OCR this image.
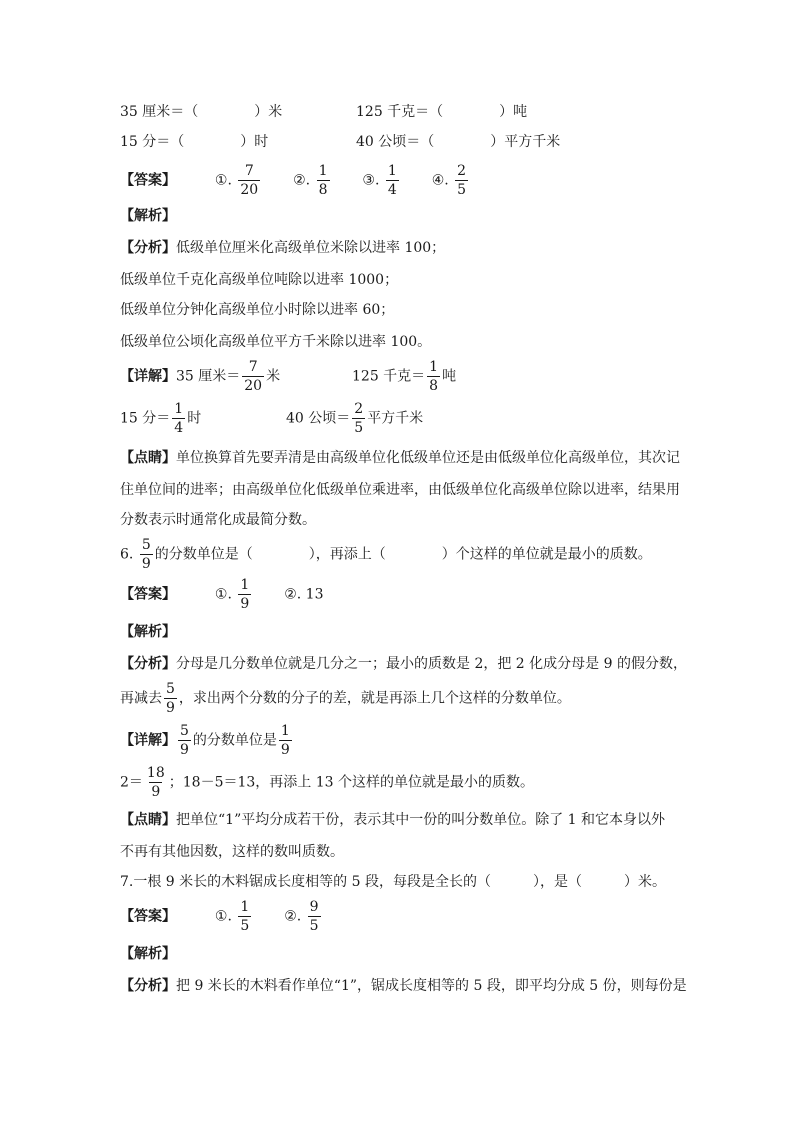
35 厘米＝（　　　　）米	125 千克＝（　　　　）吨
15 分＝（　　　　）时	40 公顷＝（　　　　）平方千米
【答案】	①. $\frac{7}{20}$ ②. $\frac{1}{8}$ ③. $\frac{1}{4}$ ④. $\frac{2}{5}$
【解析】
【分析】低级单位厘米化高级单位米除以进率 100；
低级单位千克化高级单位吨除以进率 1000；
低级单位分钟化高级单位小时除以进率 60；
低级单位公顷化高级单位平方千米除以进率 100。
【详解】35 厘米＝ $\frac{7}{20}$ 米	125 千克＝ $\frac{1}{8}$ 吨
15 分＝ $\frac{1}{4}$ 时	40 公顷＝ $\frac{2}{5}$ 平方千米
【点睛】单位换算首先要弄清是由高级单位化低级单位还是由低级单位化高级单位，其次记
住单位间的进率；由高级单位化低级单位乘进率，由低级单位化高级单位除以进率，结果用
分数表示时通常化成最简分数。
6. $\frac{5}{9}$ 的分数单位是（　　　　），再添上（　　　　）个这样的单位就是最小的质数。
【答案】	①. $\frac{1}{9}$ ②. 13
【解析】
【分析】分母是几分数单位就是几分之一；最小的质数是 2，把 2 化成分母是 9 的假分数，
再减去 $\frac{5}{9}$ ，求出两个分数的分子的差，就是再添上几个这样的分数单位。
【详解】 $\frac{5}{9}$ 的分数单位是 $\frac{1}{9}$
$2= \frac{18}{9}$ ；18－5＝13，再添上 13 个这样的单位就是最小的质数。
【点睛】把单位“1”平均分成若干份，表示其中一份的叫分数单位。除了 1 和它本身以外
不再有其他因数，这样的数叫质数。
7.一根 9 米长的木料锯成长度相等的 5 段，每段是全长的（　　　），是（　　　）米。
【答案】	①. $\frac{1}{5}$ ②. $\frac{9}{5}$
【解析】
【分析】把 9 米长的木料看作单位“1”，锯成长度相等的 5 段，即平均分成 5 份，则每份是
